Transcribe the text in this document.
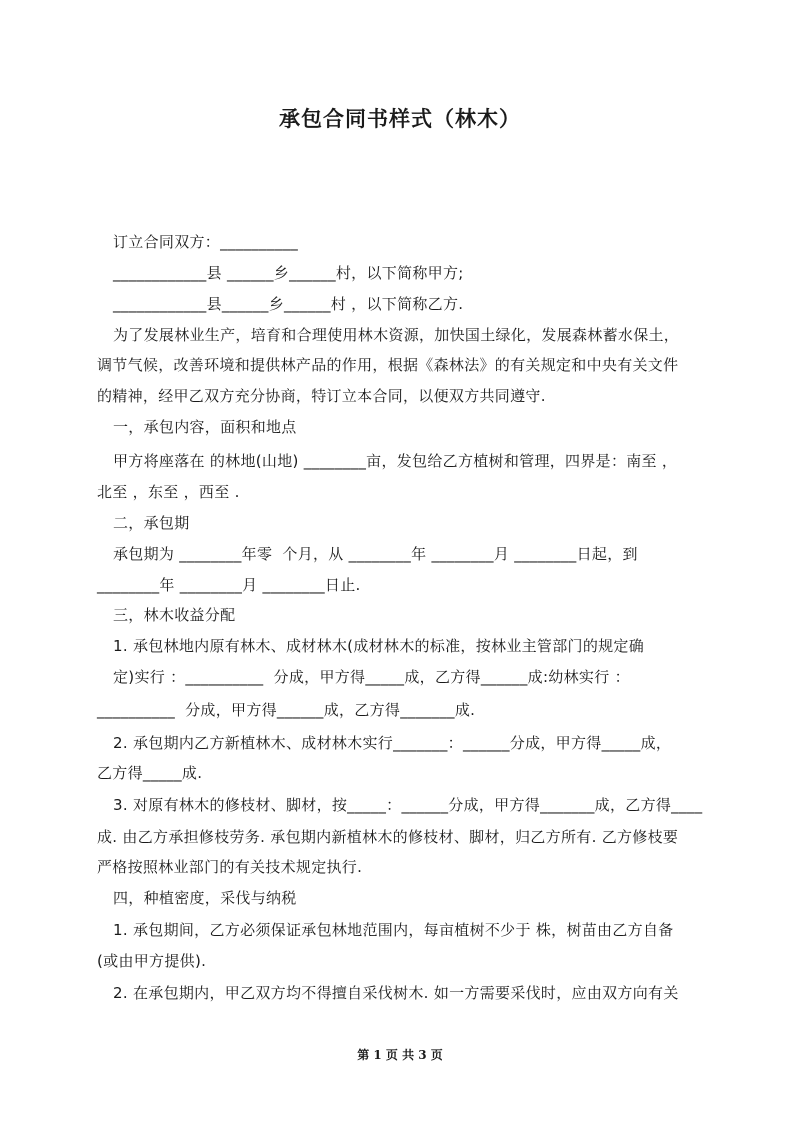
承包合同书样式（林木）
订立合同双方：__________
____________县 ______乡______村，以下简称甲方;
____________县______乡______村 ，以下简称乙方.
为了发展林业生产，培育和合理使用林木资源，加快国土绿化，发展森林蓄水保土，
调节气候，改善环境和提供林产品的作用，根据《森林法》的有关规定和中央有关文件
的精神，经甲乙双方充分协商，特订立本合同，以便双方共同遵守.
一，承包内容，面积和地点
甲方将座落在 的林地(山地) ________亩，发包给乙方植树和管理，四界是：南至 ，
北至 ，东至 ，西至 .
二，承包期
承包期为 ________年零  个月，从 ________年 ________月 ________日起，到
________年 ________月 ________日止.
三，林木收益分配
1. 承包林地内原有林木、成材林木(成材林木的标准，按林业主管部门的规定确
定)实行 ：__________  分成，甲方得_____成，乙方得______成:幼林实行 ：
__________  分成，甲方得______成，乙方得_______成.
2. 承包期内乙方新植林木、成材林木实行_______：______分成，甲方得_____成，
乙方得_____成.
3. 对原有林木的修枝材、脚材，按_____：______分成，甲方得_______成，乙方得____
成. 由乙方承担修枝劳务. 承包期内新植林木的修枝材、脚材，归乙方所有. 乙方修枝要
严格按照林业部门的有关技术规定执行.
四，种植密度，采伐与纳税
1. 承包期间，乙方必须保证承包林地范围内，每亩植树不少于 株，树苗由乙方自备
(或由甲方提供).
2. 在承包期内，甲乙双方均不得擅自采伐树木. 如一方需要采伐时，应由双方向有关
第 1 页 共 3 页
